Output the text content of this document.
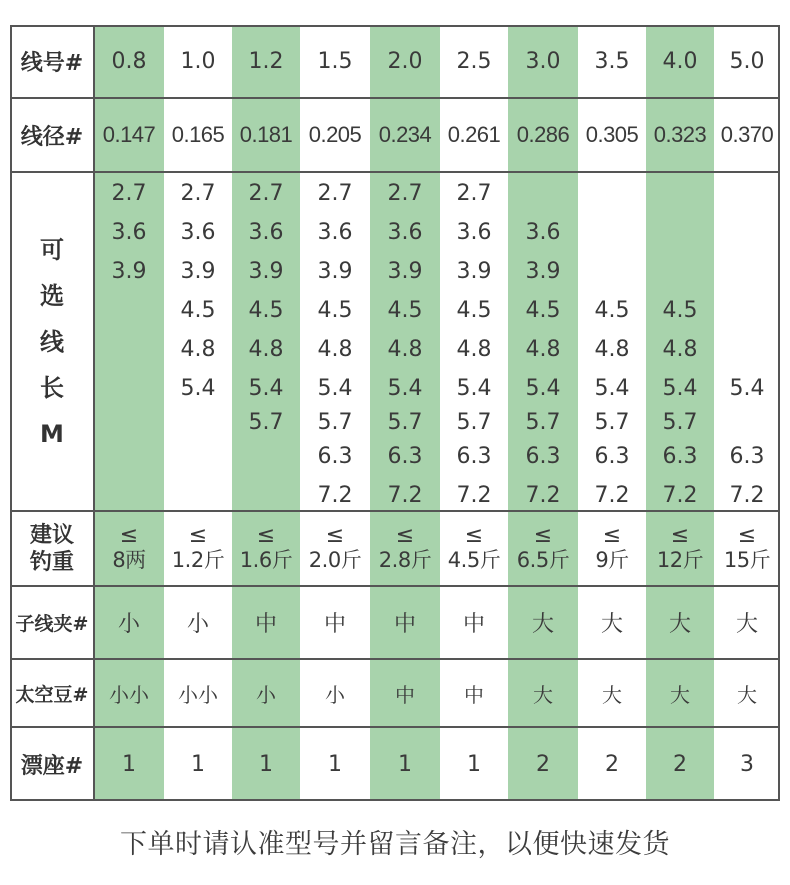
线号#
线径#
可
选
线
长
M
建议
钓重
子线夹#
太空豆#
漂座#
0.8
0.147
2.7
3.6
3.9
≤
8两
小
小小
1
1.0
0.165
2.7
3.6
3.9
4.5
4.8
5.4
≤
1.2斤
小
小小
1
1.2
0.181
2.7
3.6
3.9
4.5
4.8
5.4
5.7
≤
1.6斤
中
小
1
1.5
0.205
2.7
3.6
3.9
4.5
4.8
5.4
5.7
6.3
7.2
≤
2.0斤
中
小
1
2.0
0.234
2.7
3.6
3.9
4.5
4.8
5.4
5.7
6.3
7.2
≤
2.8斤
中
中
1
2.5
0.261
2.7
3.6
3.9
4.5
4.8
5.4
5.7
6.3
7.2
≤
4.5斤
中
中
1
3.0
0.286
3.6
3.9
4.5
4.8
5.4
5.7
6.3
7.2
≤
6.5斤
大
大
2
3.5
0.305
4.5
4.8
5.4
5.7
6.3
7.2
≤
9斤
大
大
2
4.0
0.323
4.5
4.8
5.4
5.7
6.3
7.2
≤
12斤
大
大
2
5.0
0.370
5.4
6.3
7.2
≤
15斤
大
大
3
下单时请认准型号并留言备注，以便快速发货
